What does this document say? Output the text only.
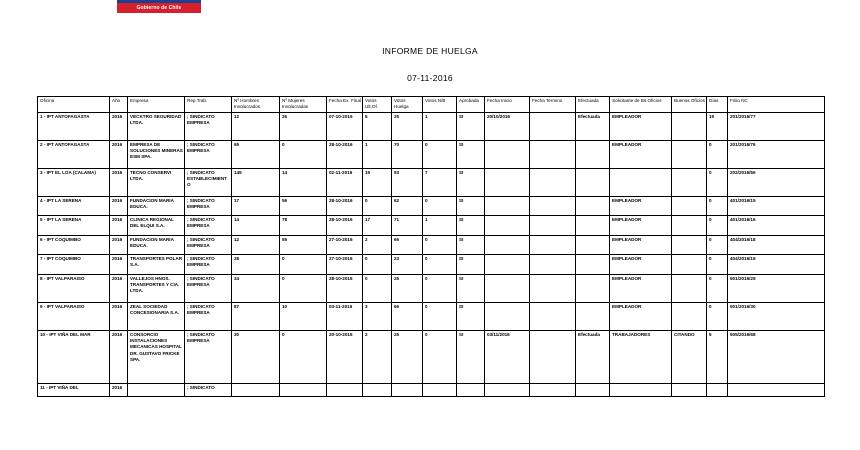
Gobierno de Chile
INFORME DE HUELGA
07-11-2016
Oficina	Año	Empresa	Rep.Trab.	Nº Hombres Involucrados	Nº Mujeres Involucradas	Fecha Ex. Final	Votos Ult.Of.	Votos Huelga	Votos N/B	Aprobada	Fecha Inicio	Fecha Termino	Efectuada	Solicitante de Bs.Oficios	Buenos Oficios	Días	Folio NC
1 - IPT ANTOFAGASTA	2016	VECKTRO SEGURIDAD LTDA.	; SINDICATO EMPRESA	12	26	07-10-2016	5	25	1	SI	20/10/2016		Efectuada	EMPLEADOR		19	201/2016/77
2 - IPT ANTOFAGASTA	2016	EMPRESA DE SOLUCIONES MINERAS ESM SPA.	; SINDICATO EMPRESA	65	0	28-10-2016	1	70	0	SI				EMPLEADOR		0	201/2016/76
3 - IPT EL LOA (CALAMA)	2016	TECNO CONSERVI LTDA.	; SINDICATO ESTABLECIMIENTO	145	14	02-11-2016	15	93	7	SI						0	202/2016/56
4 - IPT LA SERENA	2016	FUNDACION MARIA EDUCA.	; SINDICATO EMPRESA	17	56	28-10-2016	0	62	0	SI				EMPLEADOR		0	401/2016/15
5 - IPT LA SERENA	2016	CLINICA REGIONAL DEL ELQUI S.A.	; SINDICATO EMPRESA	14	78	28-10-2016	17	71	1	SI				EMPLEADOR		0	401/2016/16
6 - IPT COQUIMBO	2016	FUNDACION MARIA EDUCA.	; SINDICATO EMPRESA	12	55	27-10-2016	2	66	0	SI				EMPLEADOR		0	404/2016/18
7 - IPT COQUIMBO	2016	TRANSPORTES POLAR S.A.	; SINDICATO EMPRESA	28	0	27-10-2016	0	23	0	SI				EMPLEADOR		0	404/2016/19
8 - IPT VALPARAISO	2016	VALLEJOS HNOS. TRANSPORTES Y CIA. LTDA.	; SINDICATO EMPRESA	34	0	28-10-2016	0	25	0	SI				EMPLEADOR		0	501/2016/29
9 - IPT VALPARAISO	2016	ZEAL SOCIEDAD CONCESIONARIA S.A.	; SINDICATO EMPRESA	87	10	03-11-2016	3	66	0	SI				EMPLEADOR		0	501/2016/30
10 - IPT VIÑA DEL MAR	2016	CONSORCIO INSTALACIONES MECANICAS HOSPITAL DR. GUSTAVO FRICKE SPA.	; SINDICATO EMPRESA	30	0	20-10-2016	2	25	0	SI	03/11/2016		Efectuada	TRABAJADORES	CITANDO	5	505/2016/68
11 - IPT VIÑA DEL	2016		; SINDICATO														
